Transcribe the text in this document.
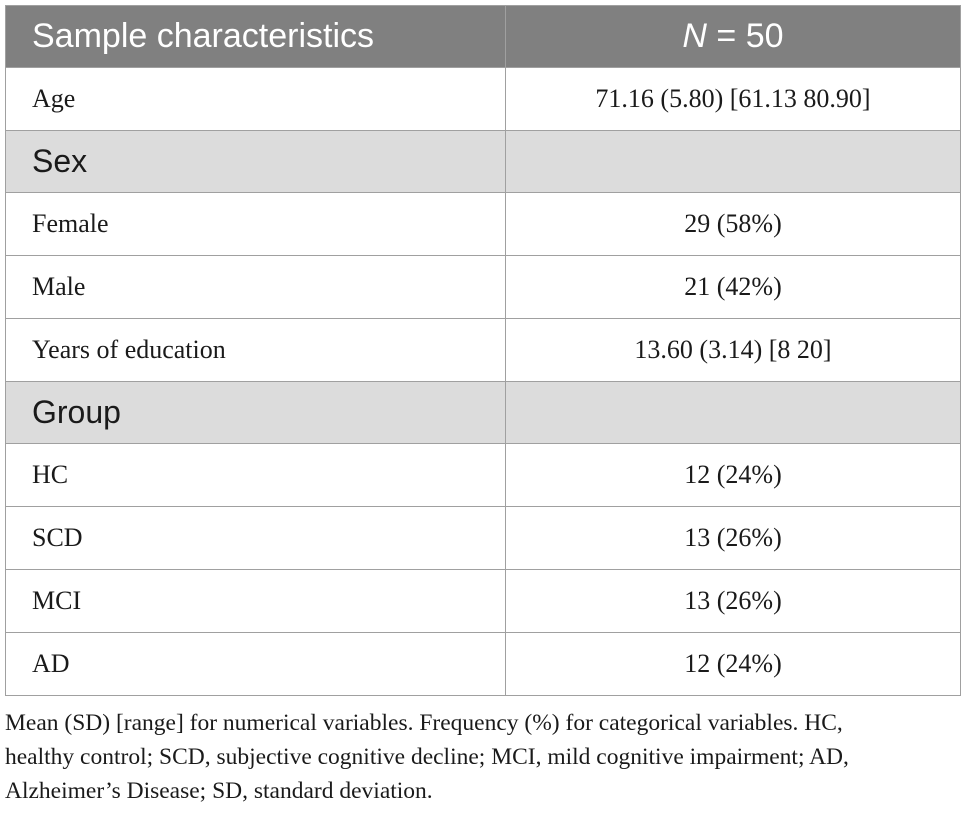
Sample characteristics	N = 50
Age	71.16 (5.80) [61.13 80.90]
Sex	
Female	29 (58%)
Male	21 (42%)
Years of education	13.60 (3.14) [8 20]
Group	
HC	12 (24%)
SCD	13 (26%)
MCI	13 (26%)
AD	12 (24%)
Mean (SD) [range] for numerical variables. Frequency (%) for categorical variables. HC,
healthy control; SCD, subjective cognitive decline; MCI, mild cognitive impairment; AD,
Alzheimer’s Disease; SD, standard deviation.
